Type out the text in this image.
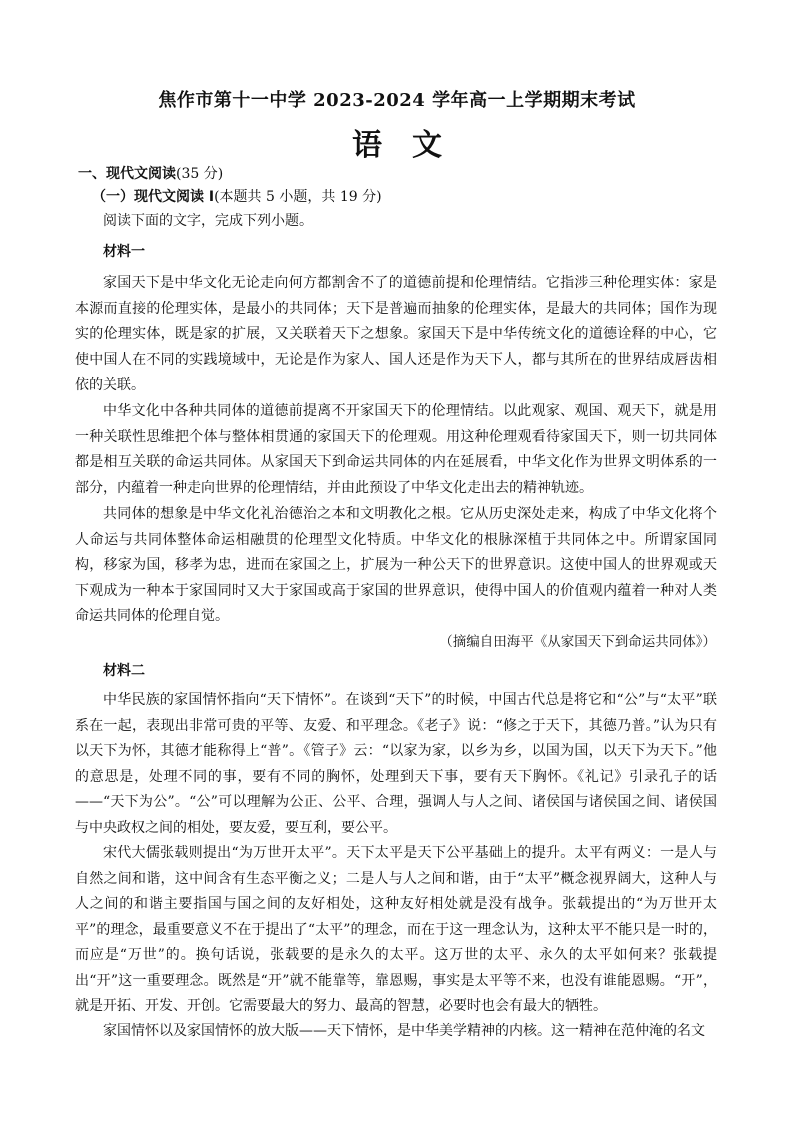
焦作市第十一中学 2023-2024 学年高一上学期期末考试
语文
一、现代文阅读(35 分)
（一）现代文阅读 I(本题共 5 小题，共 19 分)
阅读下面的文字，完成下列小题。
材料一

家国天下是中华文化无论走向何方都割舍不了的道德前提和伦理情结。它指涉三种伦理实体：家是本源而直接的伦理实体，是最小的共同体；天下是普遍而抽象的伦理实体，是最大的共同体；国作为现实的伦理实体，既是家的扩展，又关联着天下之想象。家国天下是中华传统文化的道德诠释的中心，它使中国人在不同的实践境域中，无论是作为家人、国人还是作为天下人，都与其所在的世界结成唇齿相依的关联。

中华文化中各种共同体的道德前提离不开家国天下的伦理情结。以此观家、观国、观天下，就是用一种关联性思维把个体与整体相贯通的家国天下的伦理观。用这种伦理观看待家国天下，则一切共同体都是相互关联的命运共同体。从家国天下到命运共同体的内在延展看，中华文化作为世界文明体系的一部分，内蕴着一种走向世界的伦理情结，并由此预设了中华文化走出去的精神轨迹。

共同体的想象是中华文化礼治德治之本和文明教化之根。它从历史深处走来，构成了中华文化将个人命运与共同体整体命运相融贯的伦理型文化特质。中华文化的根脉深植于共同体之中。所谓家国同构，移家为国，移孝为忠，进而在家国之上，扩展为一种公天下的世界意识。这使中国人的世界观或天下观成为一种本于家国同时又大于家国或高于家国的世界意识，使得中国人的价值观内蕴着一种对人类命运共同体的伦理自觉。

（摘编自田海平《从家国天下到命运共同体》）
材料二

中华民族的家国情怀指向“天下情怀”。在谈到“天下”的时候，中国古代总是将它和“公”与“太平”联系在一起，表现出非常可贵的平等、友爱、和平理念。《老子》说：“修之于天下，其德乃普。”认为只有以天下为怀，其德才能称得上“普”。《管子》云：“以家为家，以乡为乡，以国为国，以天下为天下。”他的意思是，处理不同的事，要有不同的胸怀，处理到天下事，要有天下胸怀。《礼记》引录孔子的话——“天下为公”。“公”可以理解为公正、公平、合理，强调人与人之间、诸侯国与诸侯国之间、诸侯国与中央政权之间的相处，要友爱，要互利，要公平。

宋代大儒张载则提出“为万世开太平”。天下太平是天下公平基础上的提升。太平有两义：一是人与自然之间和谐，这中间含有生态平衡之义；二是人与人之间和谐，由于“太平”概念视界阔大，这种人与人之间的和谐主要指国与国之间的友好相处，这种友好相处就是没有战争。张载提出的“为万世开太平”的理念，最重要意义不在于提出了“太平”的理念，而在于这一理念认为，这种太平不能只是一时的，而应是“万世”的。换句话说，张载要的是永久的太平。这万世的太平、永久的太平如何来？张载提出“开”这一重要理念。既然是“开”就不能靠等，靠恩赐，事实是太平等不来，也没有谁能恩赐。“开”，就是开拓、开发、开创。它需要最大的努力、最高的智慧，必要时也会有最大的牺牲。

家国情怀以及家国情怀的放大版——天下情怀，是中华美学精神的内核。这一精神在范仲淹的名文
